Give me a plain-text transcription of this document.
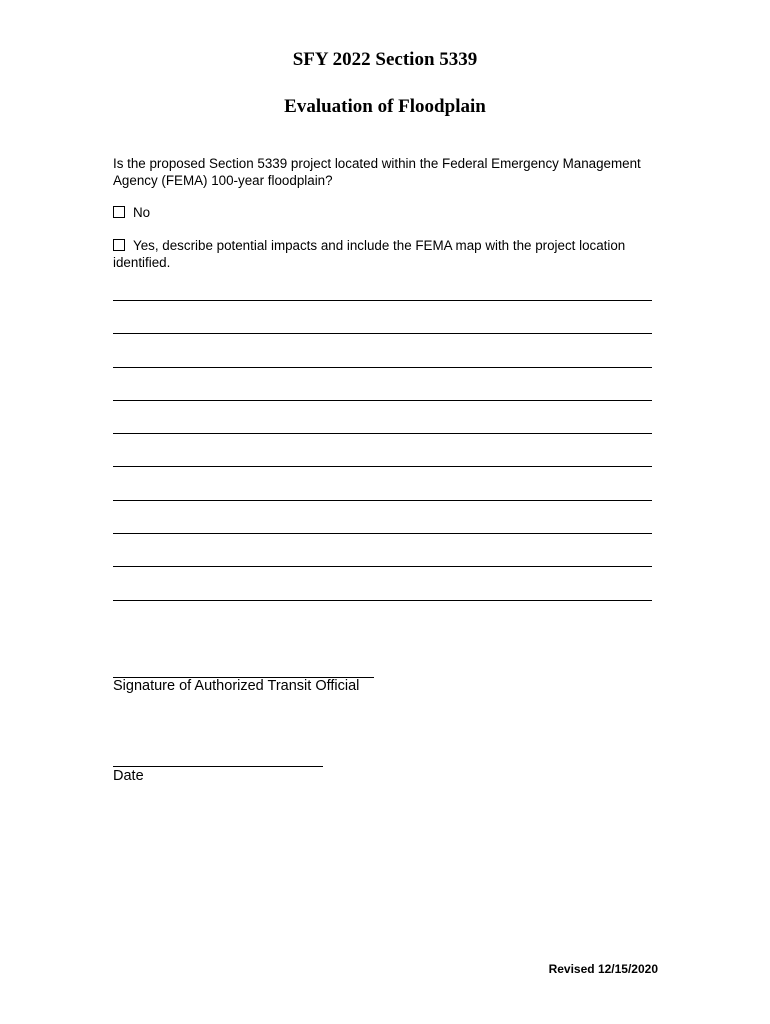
SFY 2022 Section 5339
Evaluation of Floodplain

Is the proposed Section 5339 project located within the Federal Emergency Management Agency (FEMA) 100-year floodplain?

No
Yes, describe potential impacts and include the FEMA map with the project location identified.

Signature of Authorized Transit Official

Date

Revised 12/15/2020
